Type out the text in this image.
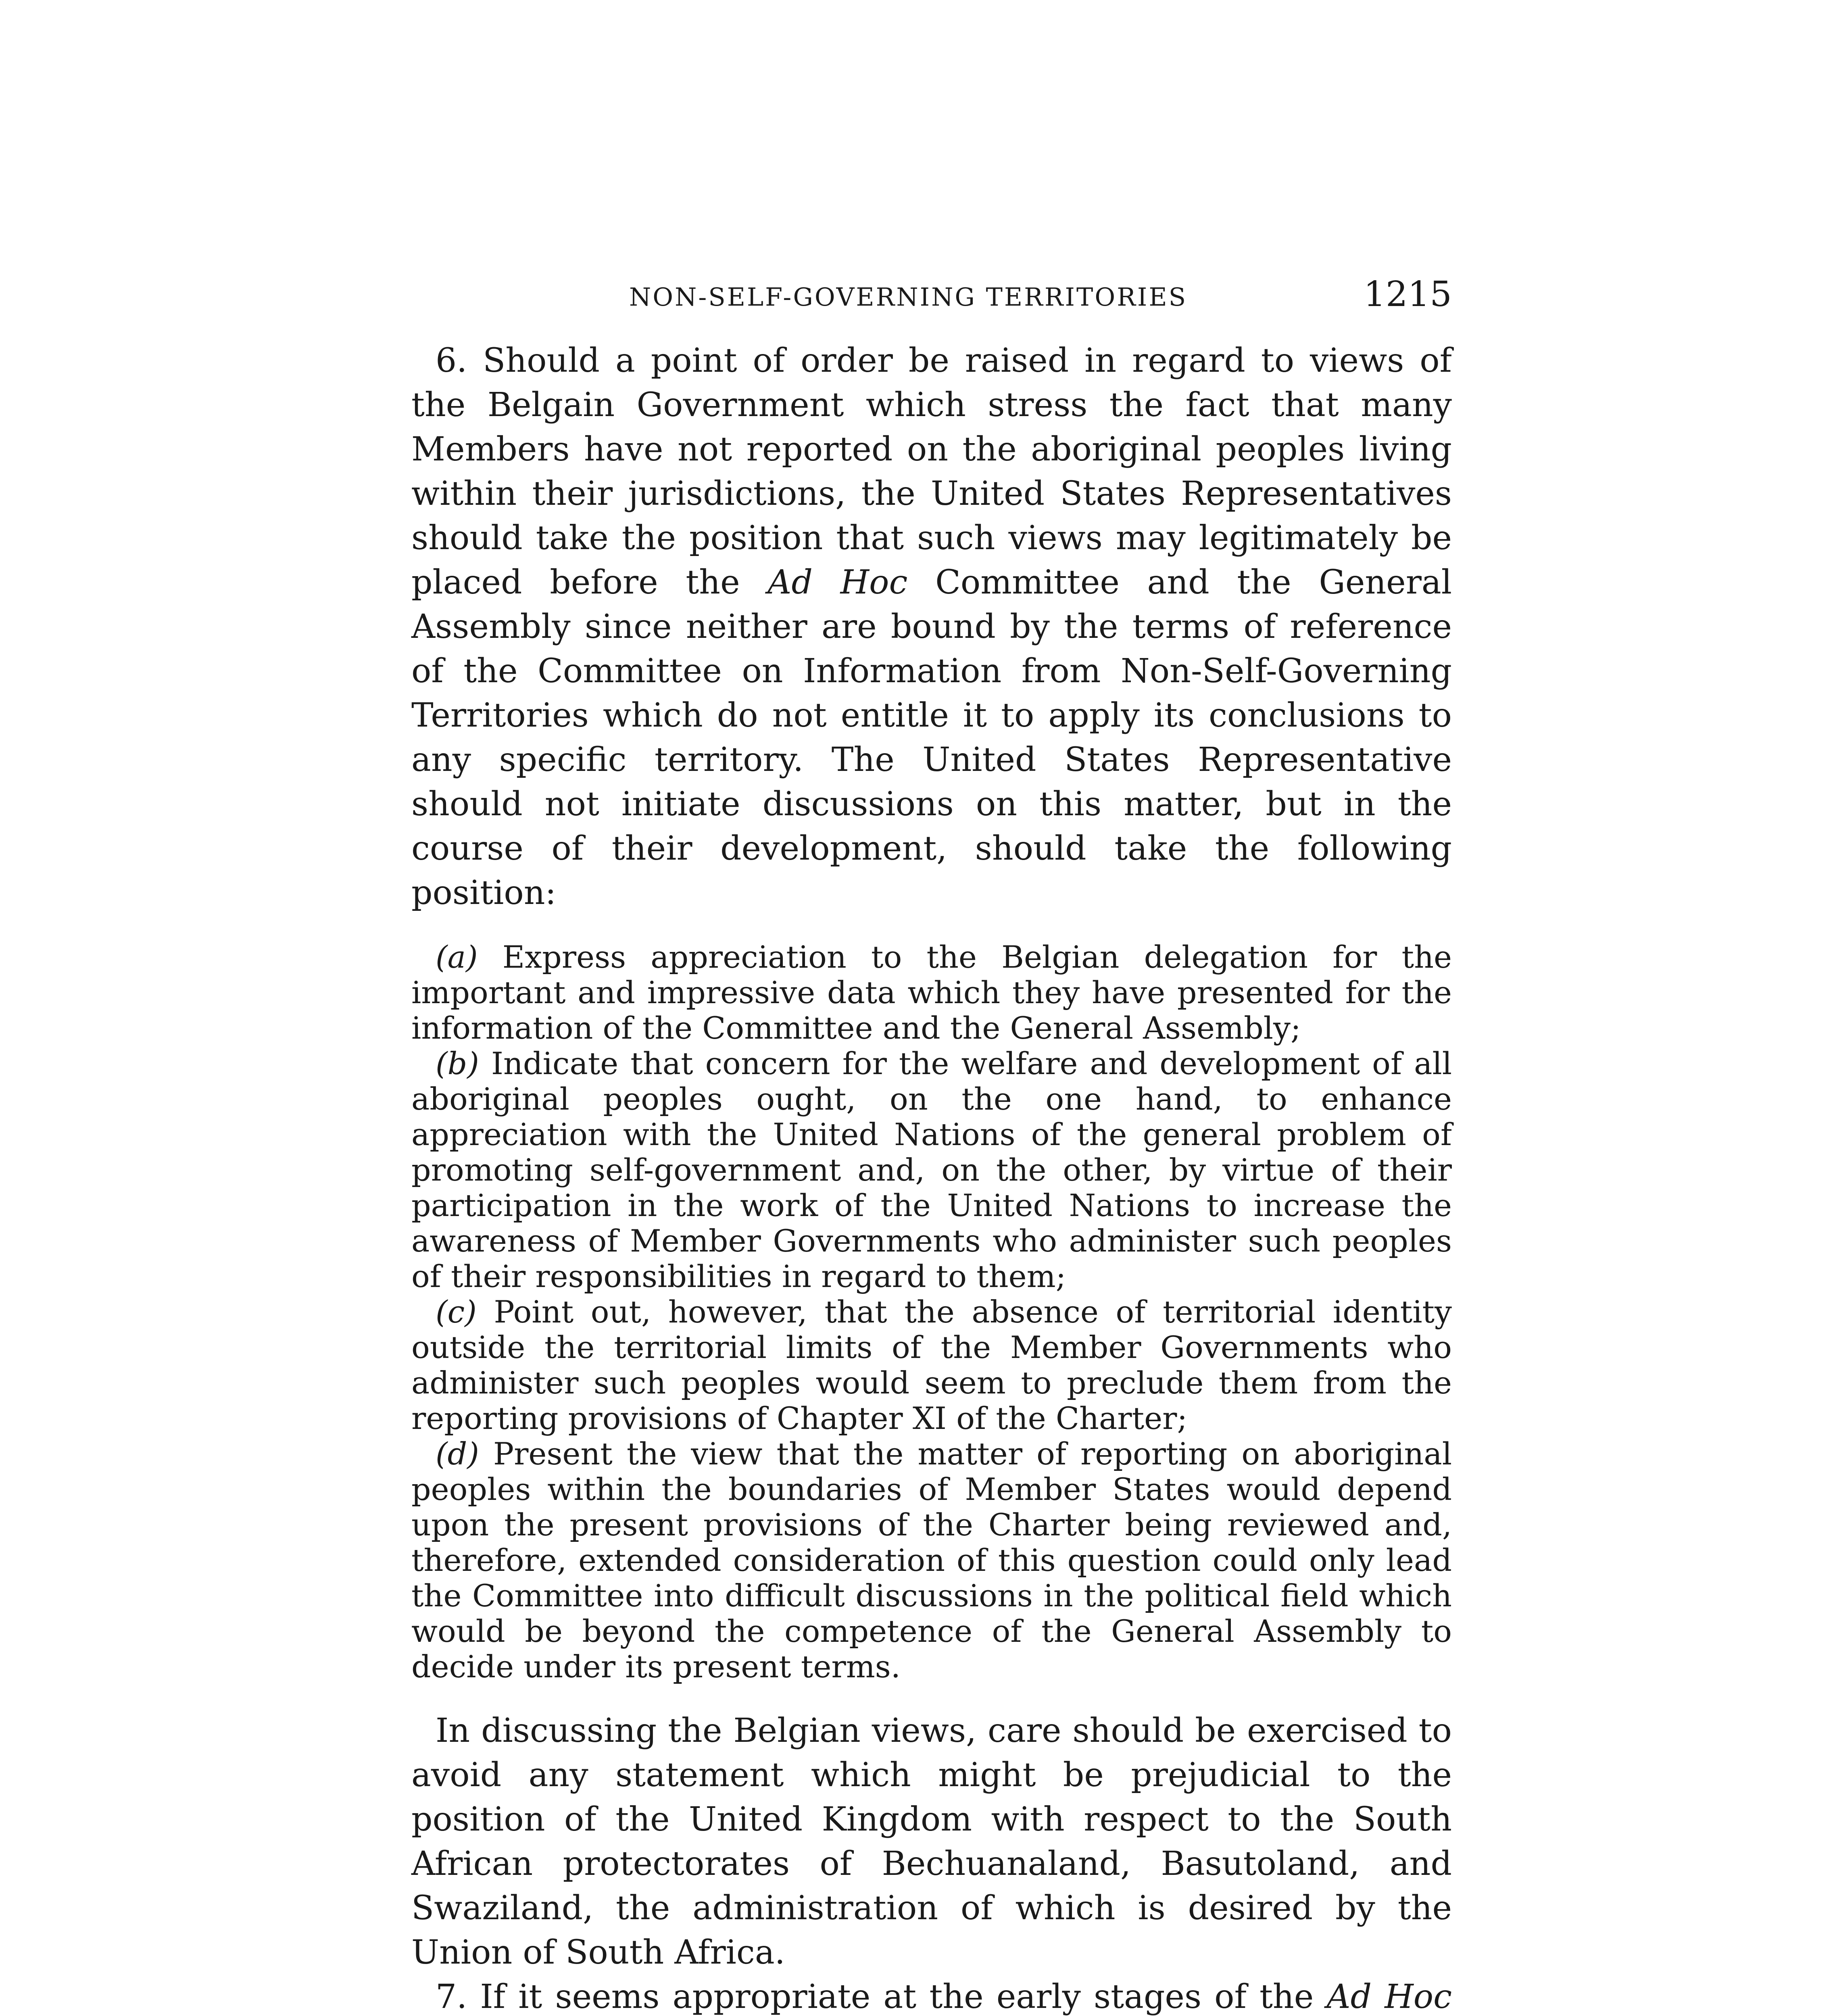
NON-SELF-GOVERNING TERRITORIES	1215

6. Should a point of order be raised in regard to views of the Belgain Government which stress the fact that many Members have not reported on the aboriginal peoples living within their jurisdictions, the United States Representatives should take the position that such views may legitimately be placed before the Ad Hoc Committee and the General Assembly since neither are bound by the terms of reference of the Committee on Information from Non-Self-Governing Territories which do not entitle it to apply its conclusions to any specific territory. The United States Representative should not initiate discussions on this matter, but in the course of their development, should take the following position:

(a) Express appreciation to the Belgian delegation for the important and impressive data which they have presented for the information of the Committee and the General Assembly;

(b) Indicate that concern for the welfare and development of all aboriginal peoples ought, on the one hand, to enhance appreciation with the United Nations of the general problem of promoting self-government and, on the other, by virtue of their participation in the work of the United Nations to increase the awareness of Member Governments who administer such peoples of their responsibilities in regard to them;

(c) Point out, however, that the absence of territorial identity outside the territorial limits of the Member Governments who administer such peoples would seem to preclude them from the reporting provisions of Chapter XI of the Charter;

(d) Present the view that the matter of reporting on aboriginal peoples within the boundaries of Member States would depend upon the present provisions of the Charter being reviewed and, therefore, extended consideration of this question could only lead the Committee into difficult discussions in the political field which would be beyond the competence of the General Assembly to decide under its present terms.

In discussing the Belgian views, care should be exercised to avoid any statement which might be prejudicial to the position of the United Kingdom with respect to the South African protectorates of Bechuanaland, Basutoland, and Swaziland, the administration of which is desired by the Union of South Africa.

7. If it seems appropriate at the early stages of the Ad Hoc
